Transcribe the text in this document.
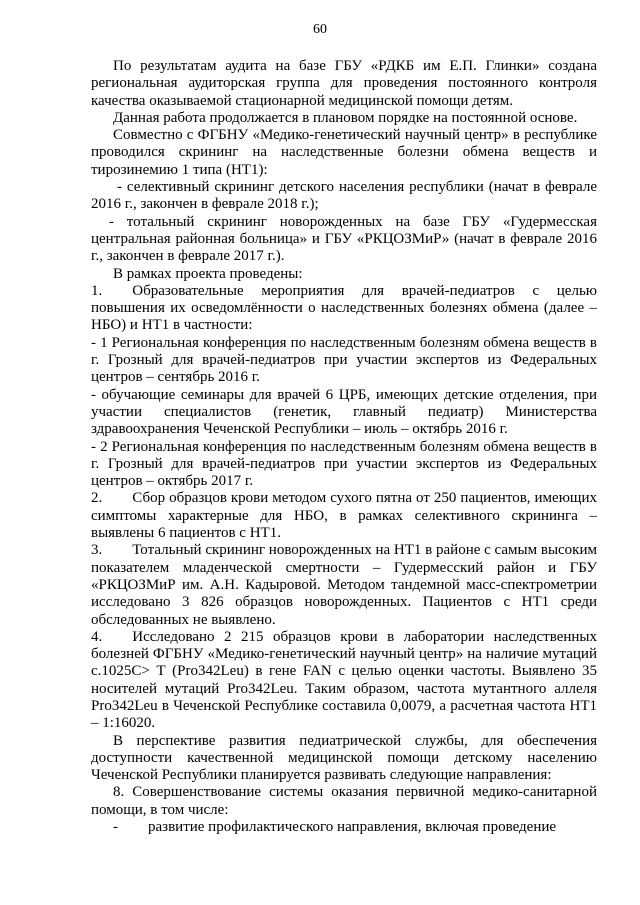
60

По результатам аудита на базе ГБУ «РДКБ им Е.П. Глинки» создана региональная аудиторская группа для проведения постоянного контроля качества оказываемой стационарной медицинской помощи детям.

Данная работа продолжается в плановом порядке на постоянной основе.

Совместно с ФГБНУ «Медико-генетический научный центр» в республике проводился скрининг на наследственные болезни обмена веществ и тирозинемию 1 типа (НТ1):

- селективный скрининг детского населения республики (начат в феврале 2016 г., закончен в феврале 2018 г.);

- тотальный скрининг новорожденных на базе ГБУ «Гудермесская центральная районная больница» и ГБУ «РКЦОЗМиР» (начат в феврале 2016 г., закончен в феврале 2017 г.).

В рамках проекта проведены:

1.  Образовательные мероприятия для врачей-педиатров с целью повышения их осведомлённости о наследственных болезнях обмена (далее – НБО) и НТ1 в частности:

- 1 Региональная конференция по наследственным болезням обмена веществ в г. Грозный для врачей-педиатров при участии экспертов из Федеральных центров – сентябрь 2016 г.

- обучающие семинары для врачей 6 ЦРБ, имеющих детские отделения, при участии специалистов (генетик, главный педиатр) Министерства здравоохранения Чеченской Республики – июль – октябрь 2016 г.

- 2 Региональная конференция по наследственным болезням обмена веществ в г. Грозный для врачей-педиатров при участии экспертов из Федеральных центров – октябрь 2017 г.

2.  Сбор образцов крови методом сухого пятна от 250 пациентов, имеющих симптомы характерные для НБО, в рамках селективного скрининга – выявлены 6 пациентов с НТ1.

3.  Тотальный скрининг новорожденных на НТ1 в районе с самым высоким показателем младенческой смертности – Гудермесский район и ГБУ «РКЦОЗМиР им. А.Н. Кадыровой. Методом тандемной масс-спектрометрии исследовано 3 826 образцов новорожденных. Пациентов с НТ1 среди обследованных не выявлено.

4.  Исследовано 2 215 образцов крови в лаборатории наследственных болезней ФГБНУ «Медико-генетический научный центр» на наличие мутаций с.1025С> Т (Pro342Leu) в гене FAN с целью оценки частоты. Выявлено 35 носителей мутаций Pro342Leu. Таким образом, частота мутантного аллеля Pro342Leu в Чеченской Республике составила 0,0079, а расчетная частота НТ1 – 1:16020.

В перспективе развития педиатрической службы, для обеспечения доступности качественной медицинской помощи детскому населению Чеченской Республики планируется развивать следующие направления:

8. Совершенствование системы оказания первичной медико-санитарной помощи, в том числе:

-  развитие профилактического направления, включая проведение
